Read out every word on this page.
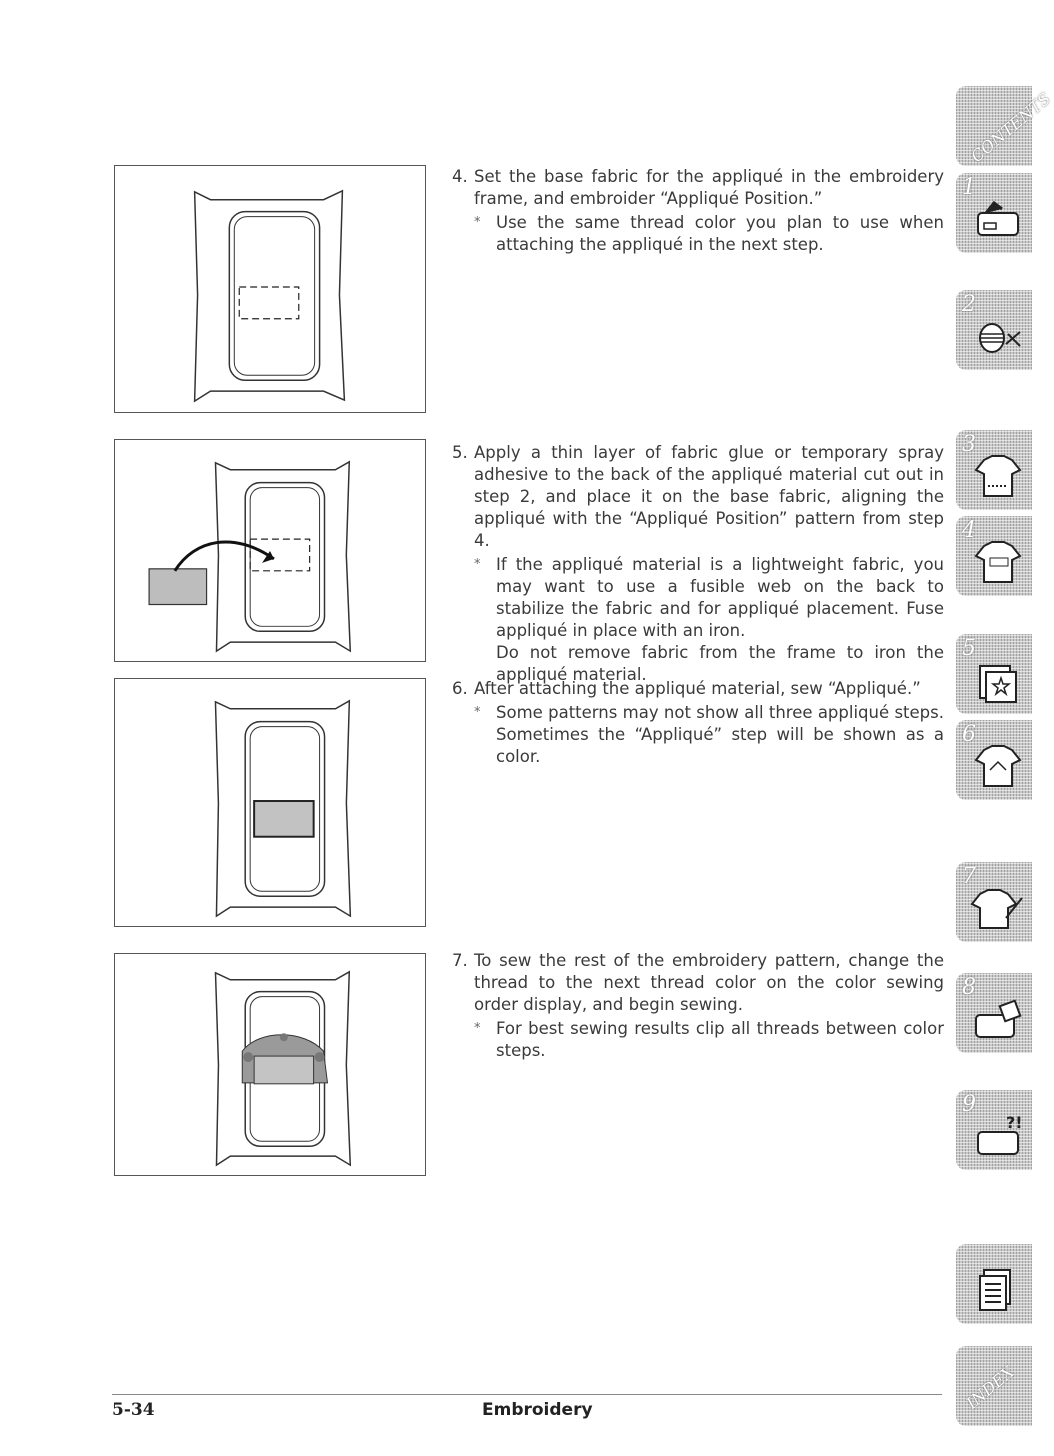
4. Set the base fabric for the appliqué in the embroidery frame, and embroider “Appliqué Position.”
* Use the same thread color you plan to use when attaching the appliqué in the next step.

5. Apply a thin layer of fabric glue or temporary spray adhesive to the back of the appliqué material cut out in step 2, and place it on the base fabric, aligning the appliqué with the “Appliqué Position” pattern from step 4.
* If the appliqué material is a lightweight fabric, you may want to use a fusible web on the back to stabilize the fabric and for appliqué placement. Fuse appliqué in place with an iron.

Do not remove fabric from the frame to iron the appliqué material.

6. After attaching the appliqué material, sew “Appliqué.”
* Some patterns may not show all three appliqué steps. Sometimes the “Appliqué” step will be shown as a color.

7. To sew the rest of the embroidery pattern, change the thread to the next thread color on the color sewing order display, and begin sewing.
* For best sewing results clip all threads between color steps.

CONTENTS
1
2
3
4
5
6
7
8
9
?!
INDEX
5-34	Embroidery
